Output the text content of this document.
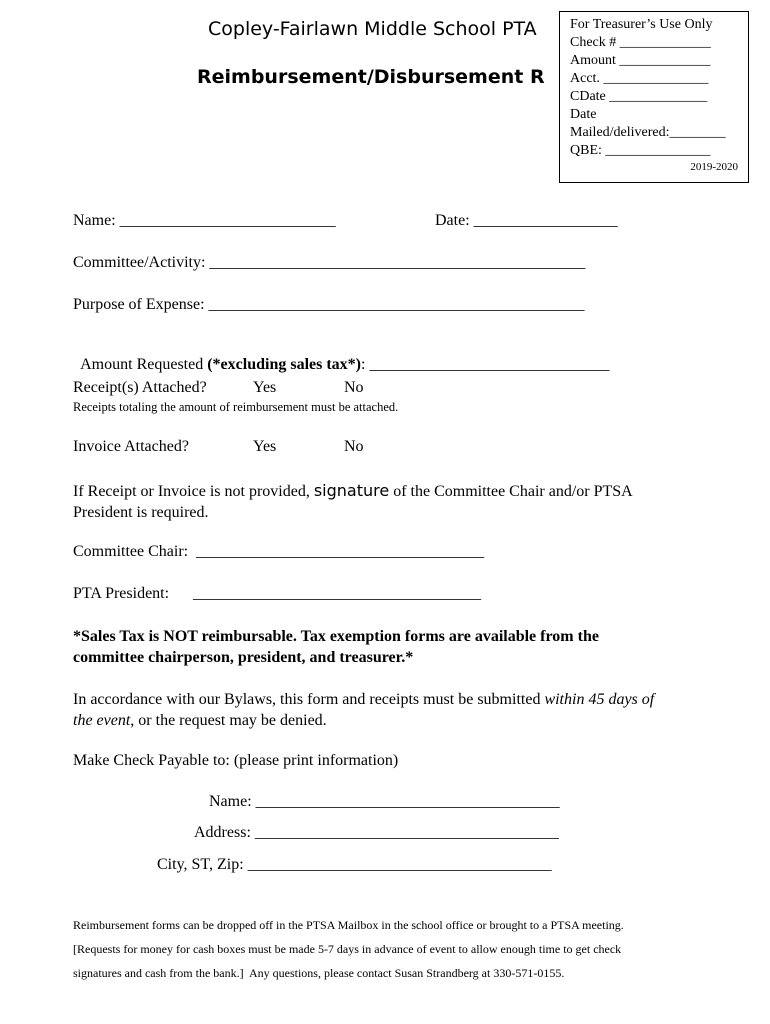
Copley-Fairlawn Middle School PTA
Reimbursement/Disbursement R
For Treasurer’s Use Only
Check # _____________
Amount _____________
Acct. _______________
CDate ______________
Date
Mailed/delivered:________
QBE: _______________
2019-2020
Name: ___________________________	Date: __________________
Committee/Activity: _______________________________________________
Purpose of Expense: _______________________________________________

Amount Requested (*excluding sales tax*): ______________________________

Receipt(s) Attached?	Yes	No
Receipts totaling the amount of reimbursement must be attached.
Invoice Attached?	Yes	No
If Receipt or Invoice is not provided, signature of the Committee Chair and/or PTSA
President is required.
Committee Chair:  ____________________________________
PTA President:      ____________________________________
*Sales Tax is NOT reimbursable. Tax exemption forms are available from the
committee chairperson, president, and treasurer.*
In accordance with our Bylaws, this form and receipts must be submitted within 45 days of
the event, or the request may be denied.
Make Check Payable to: (please print information)
Name: ______________________________________
Address: ______________________________________
City, ST, Zip: ______________________________________
Reimbursement forms can be dropped off in the PTSA Mailbox in the school office or brought to a PTSA meeting.
[Requests for money for cash boxes must be made 5-7 days in advance of event to allow enough time to get check
signatures and cash from the bank.]  Any questions, please contact Susan Strandberg at 330-571-0155.
